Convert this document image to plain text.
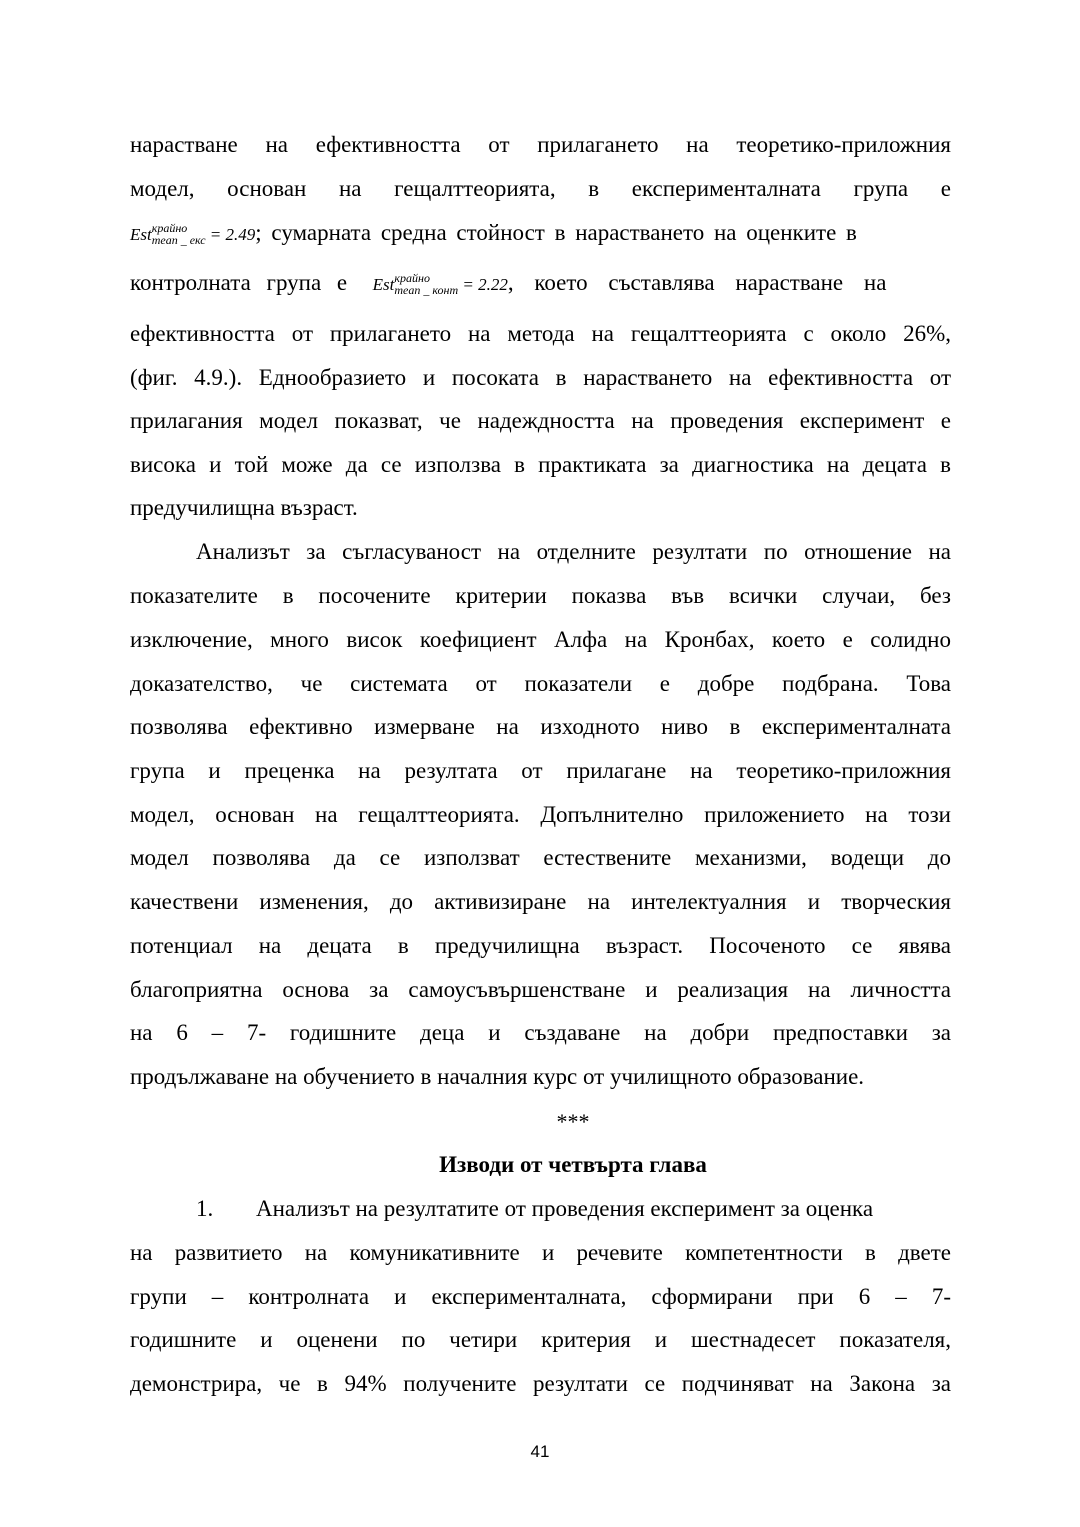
нарастване на ефективността от прилагането на теоретико-приложния
модел, основан на гещалттеорията, в експерименталната група е
Est крайно
mean _ екс = 2.49; сумарната средна стойност в нарастването на оценките в
контролната група е Est крайно
mean _ конт = 2.22, което съставлява нарастване на
ефективността от прилагането на метода на гещалттеорията с около 26%,
(фиг. 4.9.). Еднообразието и посоката в нарастването на ефективността от
прилагания модел показват, че надеждността на проведения експеримент е
висока и той може да се използва в практиката за диагностика на децата в
предучилищна възраст.
Анализът за съгласуваност на отделните резултати по отношение на
показателите в посочените критерии показва във всички случаи, без
изключение, много висок коефициент Алфа на Кронбах, което е солидно
доказателство, че системата от показатели е добре подбрана. Това
позволява ефективно измерване на изходното ниво в експерименталната
група и преценка на резултата от прилагане на теоретико-приложния
модел, основан на гещалттеорията. Допълнително приложението на този
модел позволява да се използват естествените механизми, водещи до
качествени изменения, до активизиране на интелектуалния и творческия
потенциал на децата в предучилищна възраст. Посоченото се явява
благоприятна основа за самоусъвършенстване и реализация на личността
на 6 – 7- годишните деца и създаване на добри предпоставки за
продължаване на обучението в началния курс от училищното образование.
***
Изводи от четвърта глава
1. Анализът на резултатите от проведения експеримент за оценка
на развитието на комуникативните и речевите компетентности в двете
групи – контролната и експерименталната, сформирани при 6 – 7-
годишните и оценени по четири критерия и шестнадесет показателя,
демонстрира, че в 94% получените резултати се подчиняват на Закона за
41
